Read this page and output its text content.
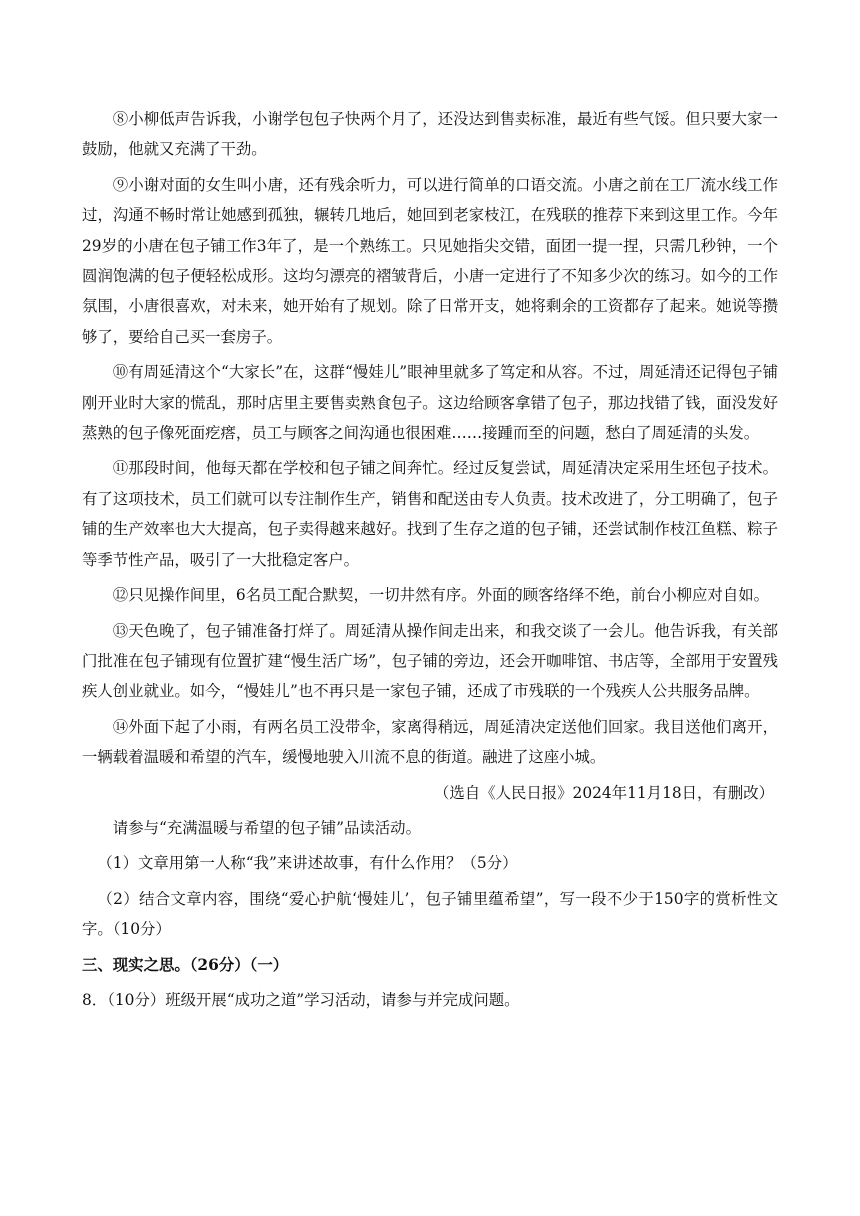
⑧小柳低声告诉我，小谢学包包子快两个月了，还没达到售卖标准，最近有些气馁。但只要大家一鼓励，他就又充满了干劲。

⑨小谢对面的女生叫小唐，还有残余听力，可以进行简单的口语交流。小唐之前在工厂流水线工作过，沟通不畅时常让她感到孤独，辗转几地后，她回到老家枝江，在残联的推荐下来到这里工作。今年29岁的小唐在包子铺工作3年了，是一个熟练工。只见她指尖交错，面团一提一捏，只需几秒钟，一个圆润饱满的包子便轻松成形。这均匀漂亮的褶皱背后，小唐一定进行了不知多少次的练习。如今的工作氛围，小唐很喜欢，对未来，她开始有了规划。除了日常开支，她将剩余的工资都存了起来。她说等攒够了，要给自己买一套房子。

⑩有周延清这个“大家长”在，这群“慢娃儿”眼神里就多了笃定和从容。不过，周延清还记得包子铺刚开业时大家的慌乱，那时店里主要售卖熟食包子。这边给顾客拿错了包子，那边找错了钱，面没发好蒸熟的包子像死面疙瘩，员工与顾客之间沟通也很困难……接踵而至的问题，愁白了周延清的头发。

⑪那段时间，他每天都在学校和包子铺之间奔忙。经过反复尝试，周延清决定采用生坯包子技术。有了这项技术，员工们就可以专注制作生产，销售和配送由专人负责。技术改进了，分工明确了，包子铺的生产效率也大大提高，包子卖得越来越好。找到了生存之道的包子铺，还尝试制作枝江鱼糕、粽子等季节性产品，吸引了一大批稳定客户。

⑫只见操作间里，6名员工配合默契，一切井然有序。外面的顾客络绎不绝，前台小柳应对自如。

⑬天色晚了，包子铺准备打烊了。周延清从操作间走出来，和我交谈了一会儿。他告诉我，有关部门批准在包子铺现有位置扩建“慢生活广场”，包子铺的旁边，还会开咖啡馆、书店等，全部用于安置残疾人创业就业。如今，“慢娃儿”也不再只是一家包子铺，还成了市残联的一个残疾人公共服务品牌。

⑭外面下起了小雨，有两名员工没带伞，家离得稍远，周延清决定送他们回家。我目送他们离开，一辆载着温暖和希望的汽车，缓慢地驶入川流不息的街道。融进了这座小城。

（选自《人民日报》2024年11月18日，有删改）

请参与“充满温暖与希望的包子铺”品读活动。

（1）文章用第一人称“我”来讲述故事，有什么作用？（5分）

（2）结合文章内容，围绕“爱心护航‘慢娃儿’，包子铺里蕴希望”，写一段不少于150字的赏析性文字。（10分）

三、现实之思。（26分）（一）

8．（10分）班级开展“成功之道”学习活动，请参与并完成问题。
